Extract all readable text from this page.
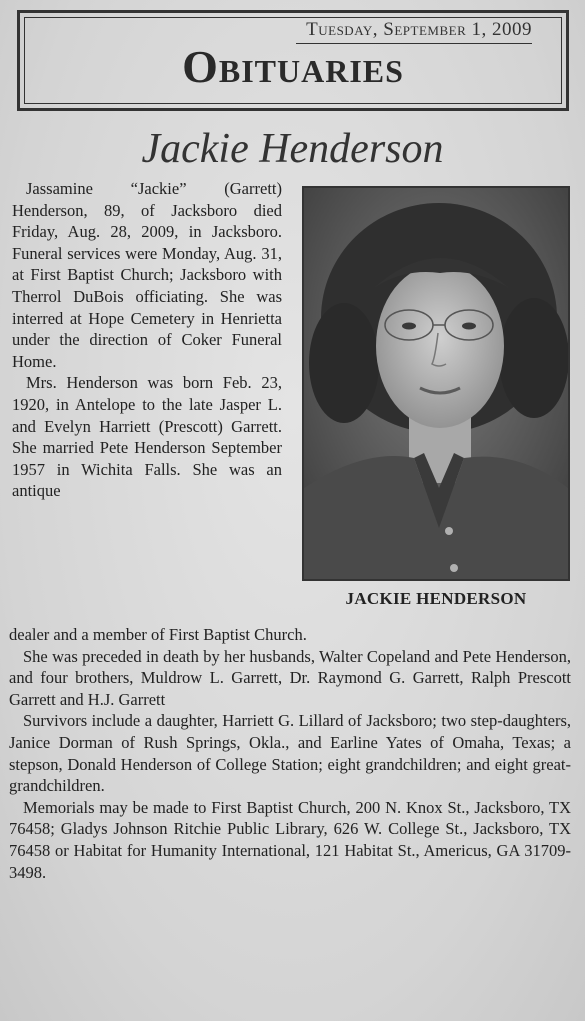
Tuesday, September 1, 2009
Obituaries
Jackie Henderson

Jassamine “Jackie” (Garrett) Henderson, 89, of Jacksboro died Friday, Aug. 28, 2009, in Jacksboro. Funeral services were Monday, Aug. 31, at First Baptist Church; Jacksboro with Therrol DuBois officiating. She was interred at Hope Cemetery in Henrietta under the direction of Coker Funeral Home.

Mrs. Henderson was born Feb. 23, 1920, in Antelope to the late Jasper L. and Evelyn Harriett (Prescott) Garrett. She married Pete Henderson September 1957 in Wichita Falls. She was an antique

JACKIE HENDERSON

dealer and a member of First Baptist Church.

She was preceded in death by her husbands, Walter Copeland and Pete Henderson, and four brothers, Muldrow L. Garrett, Dr. Raymond G. Garrett, Ralph Prescott Garrett and H.J. Garrett

Survivors include a daughter, Harriett G. Lillard of Jacksboro; two step-daughters, Janice Dorman of Rush Springs, Okla., and Earline Yates of Omaha, Texas; a stepson, Donald Henderson of College Station; eight grandchildren; and eight great-grandchildren.

Memorials may be made to First Baptist Church, 200 N. Knox St., Jacksboro, TX 76458; Gladys Johnson Ritchie Public Library, 626 W. College St., Jacksboro, TX 76458 or Habitat for Humanity International, 121 Habitat St., Americus, GA 31709-3498.
